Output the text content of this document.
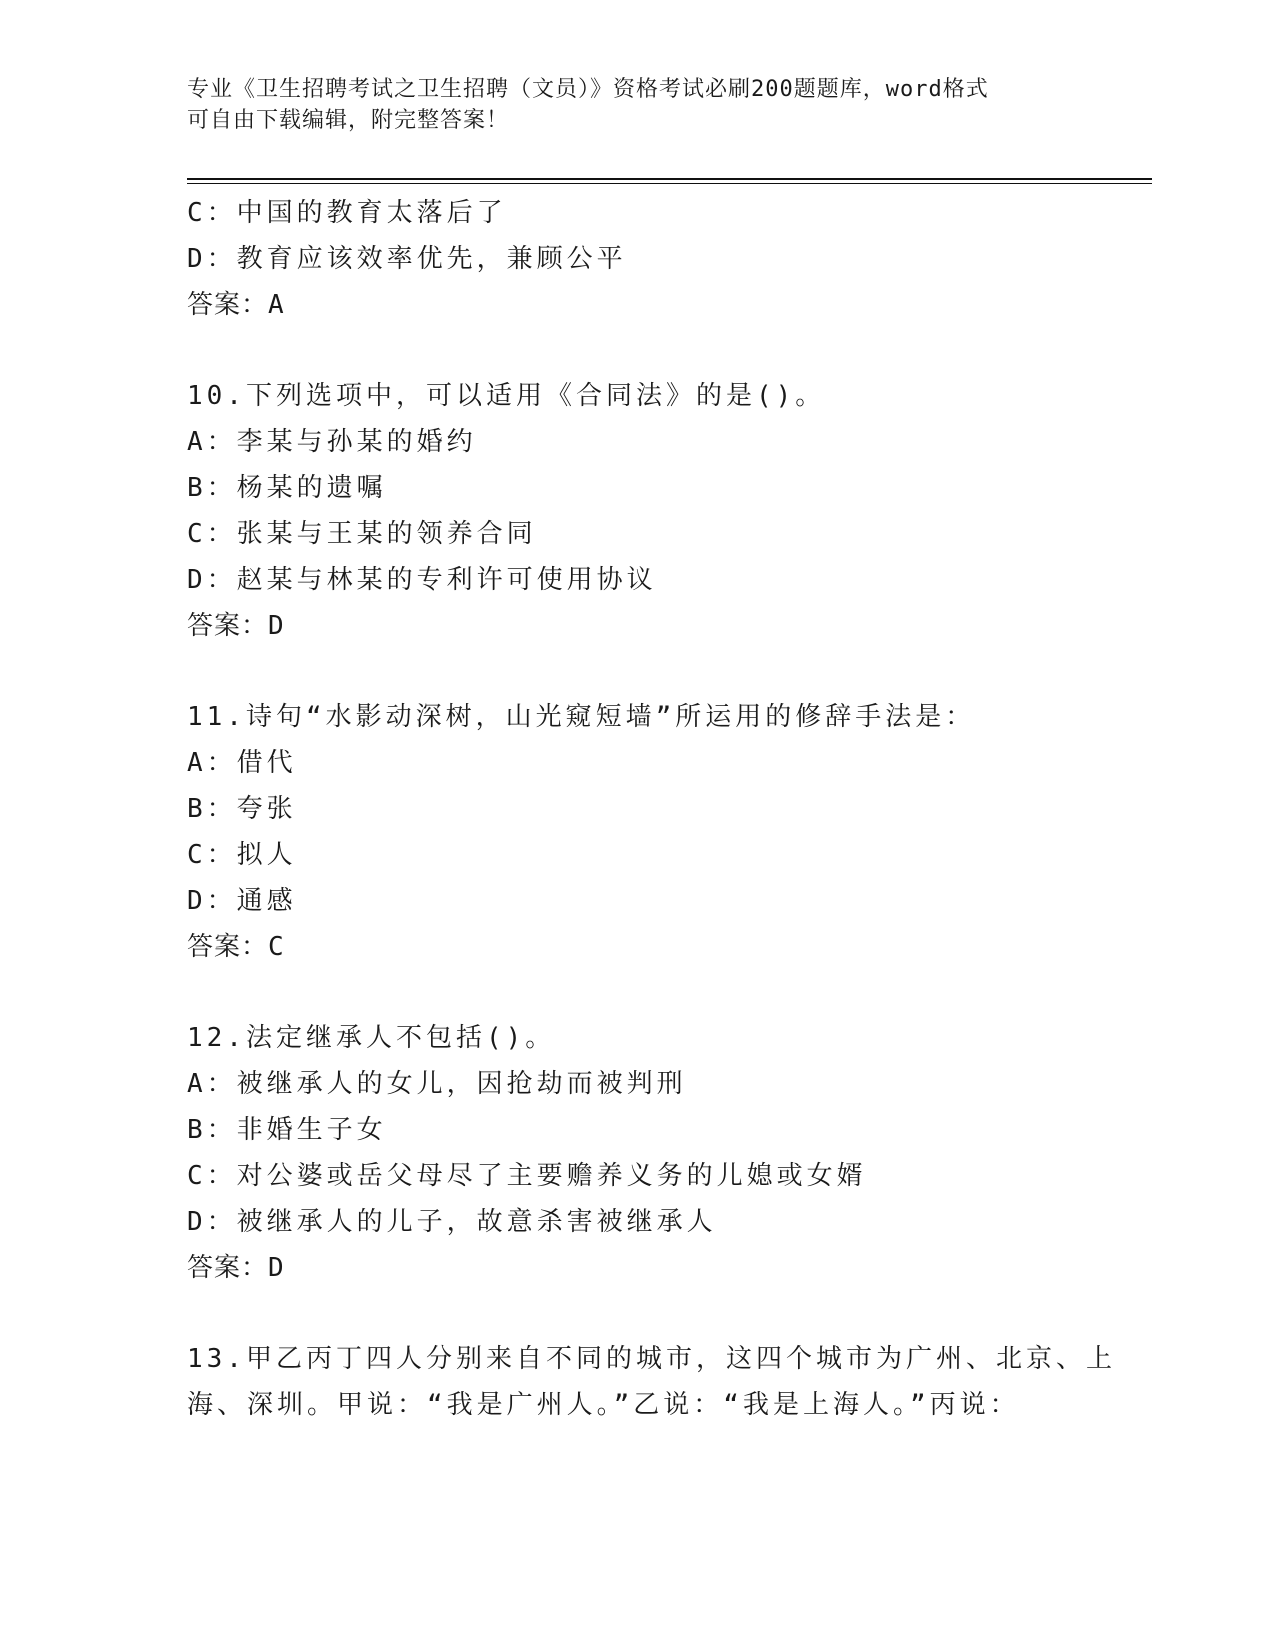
专业《卫生招聘考试之卫生招聘（文员）》资格考试必刷200题题库，word格式
可自由下载编辑，附完整答案！
C：中国的教育太落后了
D：教育应该效率优先，兼顾公平
答案：A
10.下列选项中，可以适用《合同法》的是()。
A：李某与孙某的婚约
B：杨某的遗嘱
C：张某与王某的领养合同
D：赵某与林某的专利许可使用协议
答案：D
11.诗句“水影动深树，山光窥短墙”所运用的修辞手法是：
A：借代
B：夸张
C：拟人
D：通感
答案：C
12.法定继承人不包括()。
A：被继承人的女儿，因抢劫而被判刑
B：非婚生子女
C：对公婆或岳父母尽了主要赡养义务的儿媳或女婿
D：被继承人的儿子，故意杀害被继承人
答案：D
13.甲乙丙丁四人分别来自不同的城市，这四个城市为广州、北京、上
海、深圳。甲说：“我是广州人。”乙说：“我是上海人。”丙说：
